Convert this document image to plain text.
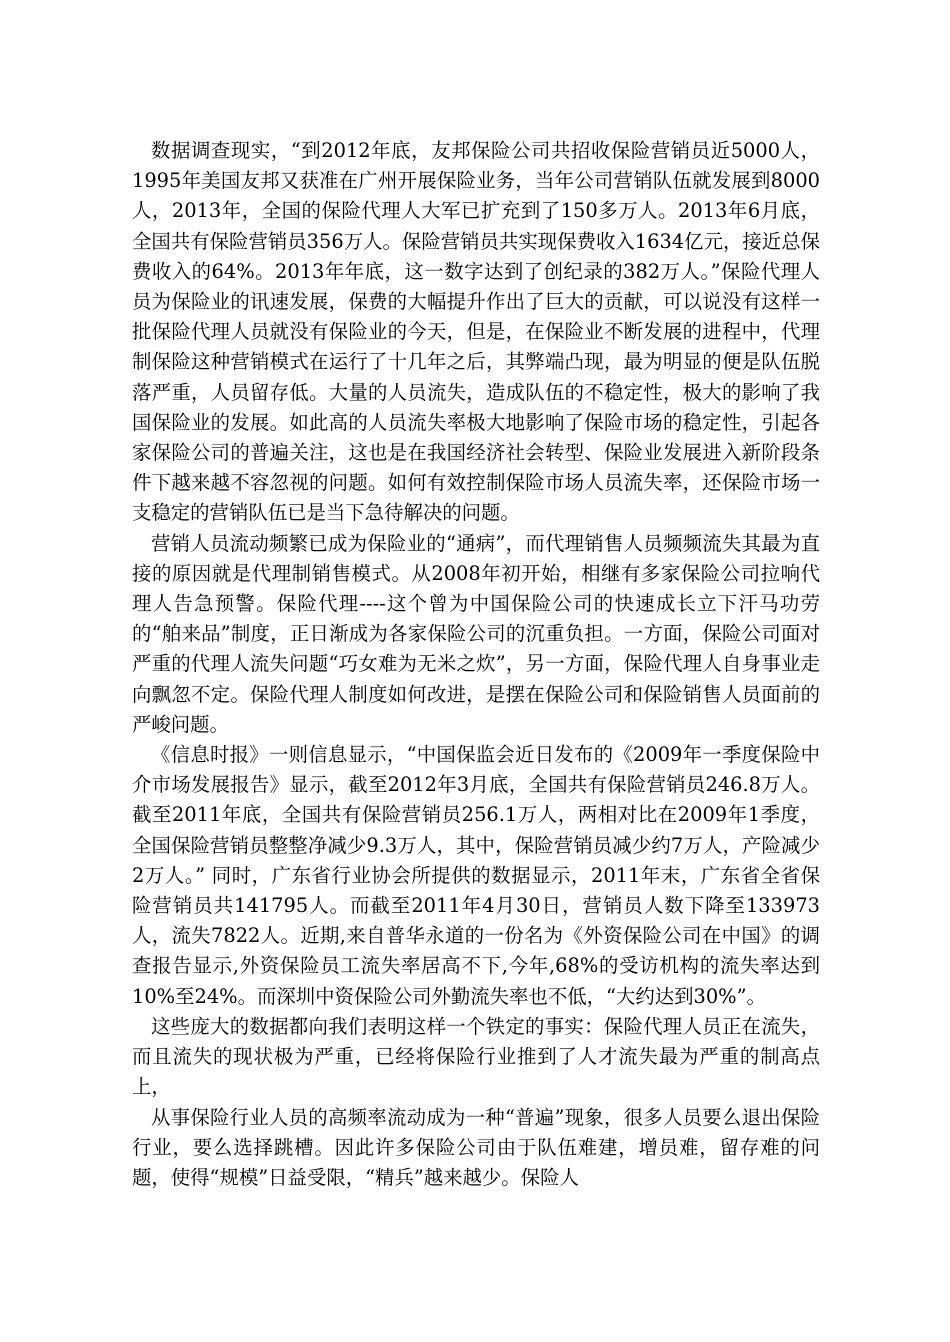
数据调查现实，“到2012年底，友邦保险公司共招收保险营销员近5000人，1995年美国友邦又获准在广州开展保险业务，当年公司营销队伍就发展到8000人，2013年，全国的保险代理人大军已扩充到了150多万人。2013年6月底，全国共有保险营销员356万人。保险营销员共实现保费收入1634亿元，接近总保费收入的64%。2013年年底，这一数字达到了创纪录的382万人。”保险代理人员为保险业的讯速发展，保费的大幅提升作出了巨大的贡献，可以说没有这样一批保险代理人员就没有保险业的今天，但是，在保险业不断发展的进程中，代理制保险这种营销模式在运行了十几年之后，其弊端凸现，最为明显的便是队伍脱落严重，人员留存低。大量的人员流失，造成队伍的不稳定性，极大的影响了我国保险业的发展。如此高的人员流失率极大地影响了保险市场的稳定性，引起各家保险公司的普遍关注，这也是在我国经济社会转型、保险业发展进入新阶段条件下越来越不容忽视的问题。如何有效控制保险市场人员流失率，还保险市场一支稳定的营销队伍已是当下急待解决的问题。

营销人员流动频繁已成为保险业的“通病”，而代理销售人员频频流失其最为直接的原因就是代理制销售模式。从2008年初开始，相继有多家保险公司拉响代理人告急预警。保险代理----这个曾为中国保险公司的快速成长立下汗马功劳的“舶来品”制度，正日渐成为各家保险公司的沉重负担。一方面，保险公司面对严重的代理人流失问题“巧女难为无米之炊”，另一方面，保险代理人自身事业走向飘忽不定。保险代理人制度如何改进，是摆在保险公司和保险销售人员面前的严峻问题。

《信息时报》一则信息显示，“中国保监会近日发布的《2009年一季度保险中介市场发展报告》显示，截至2012年3月底，全国共有保险营销员246.8万人。截至2011年底，全国共有保险营销员256.1万人，两相对比在2009年1季度，全国保险营销员整整净减少9.3万人，其中，保险营销员减少约7万人，产险减少2万人。” 同时，广东省行业协会所提供的数据显示，2011年末，广东省全省保险营销员共141795人。而截至2011年4月30日，营销员人数下降至133973人，流失7822人。近期,来自普华永道的一份名为《外资保险公司在中国》的调查报告显示,外资保险员工流失率居高不下,今年,68%的受访机构的流失率达到10%至24%。而深圳中资保险公司外勤流失率也不低，“大约达到30%”。

这些庞大的数据都向我们表明这样一个铁定的事实：保险代理人员正在流失，而且流失的现状极为严重，已经将保险行业推到了人才流失最为严重的制高点上，

从事保险行业人员的高频率流动成为一种“普遍”现象，很多人员要么退出保险行业，要么选择跳槽。因此许多保险公司由于队伍难建，增员难，留存难的问题，使得“规模”日益受限，“精兵”越来越少。保险人
